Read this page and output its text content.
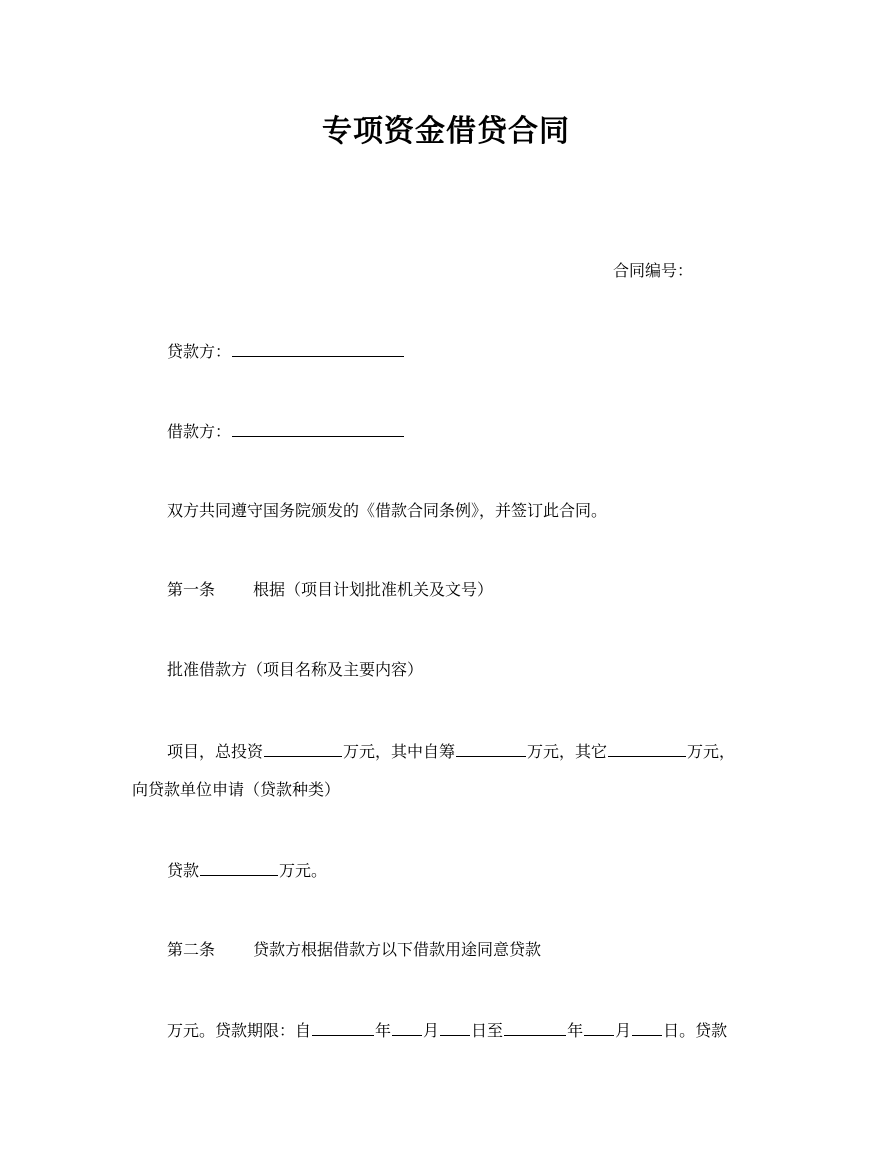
专项资金借贷合同
合同编号：
贷款方：
借款方：
双方共同遵守国务院颁发的《借款合同条例》，并签订此合同。
第一条 根据（项目计划批准机关及文号）
批准借款方（项目名称及主要内容）
项目，总投资	万元，其中自筹	万元，其它	万元，
向贷款单位申请（贷款种类）
贷款	万元。
第二条 贷款方根据借款方以下借款用途同意贷款
万元。贷款期限：自	年 月 日至	年 月 日。贷款
